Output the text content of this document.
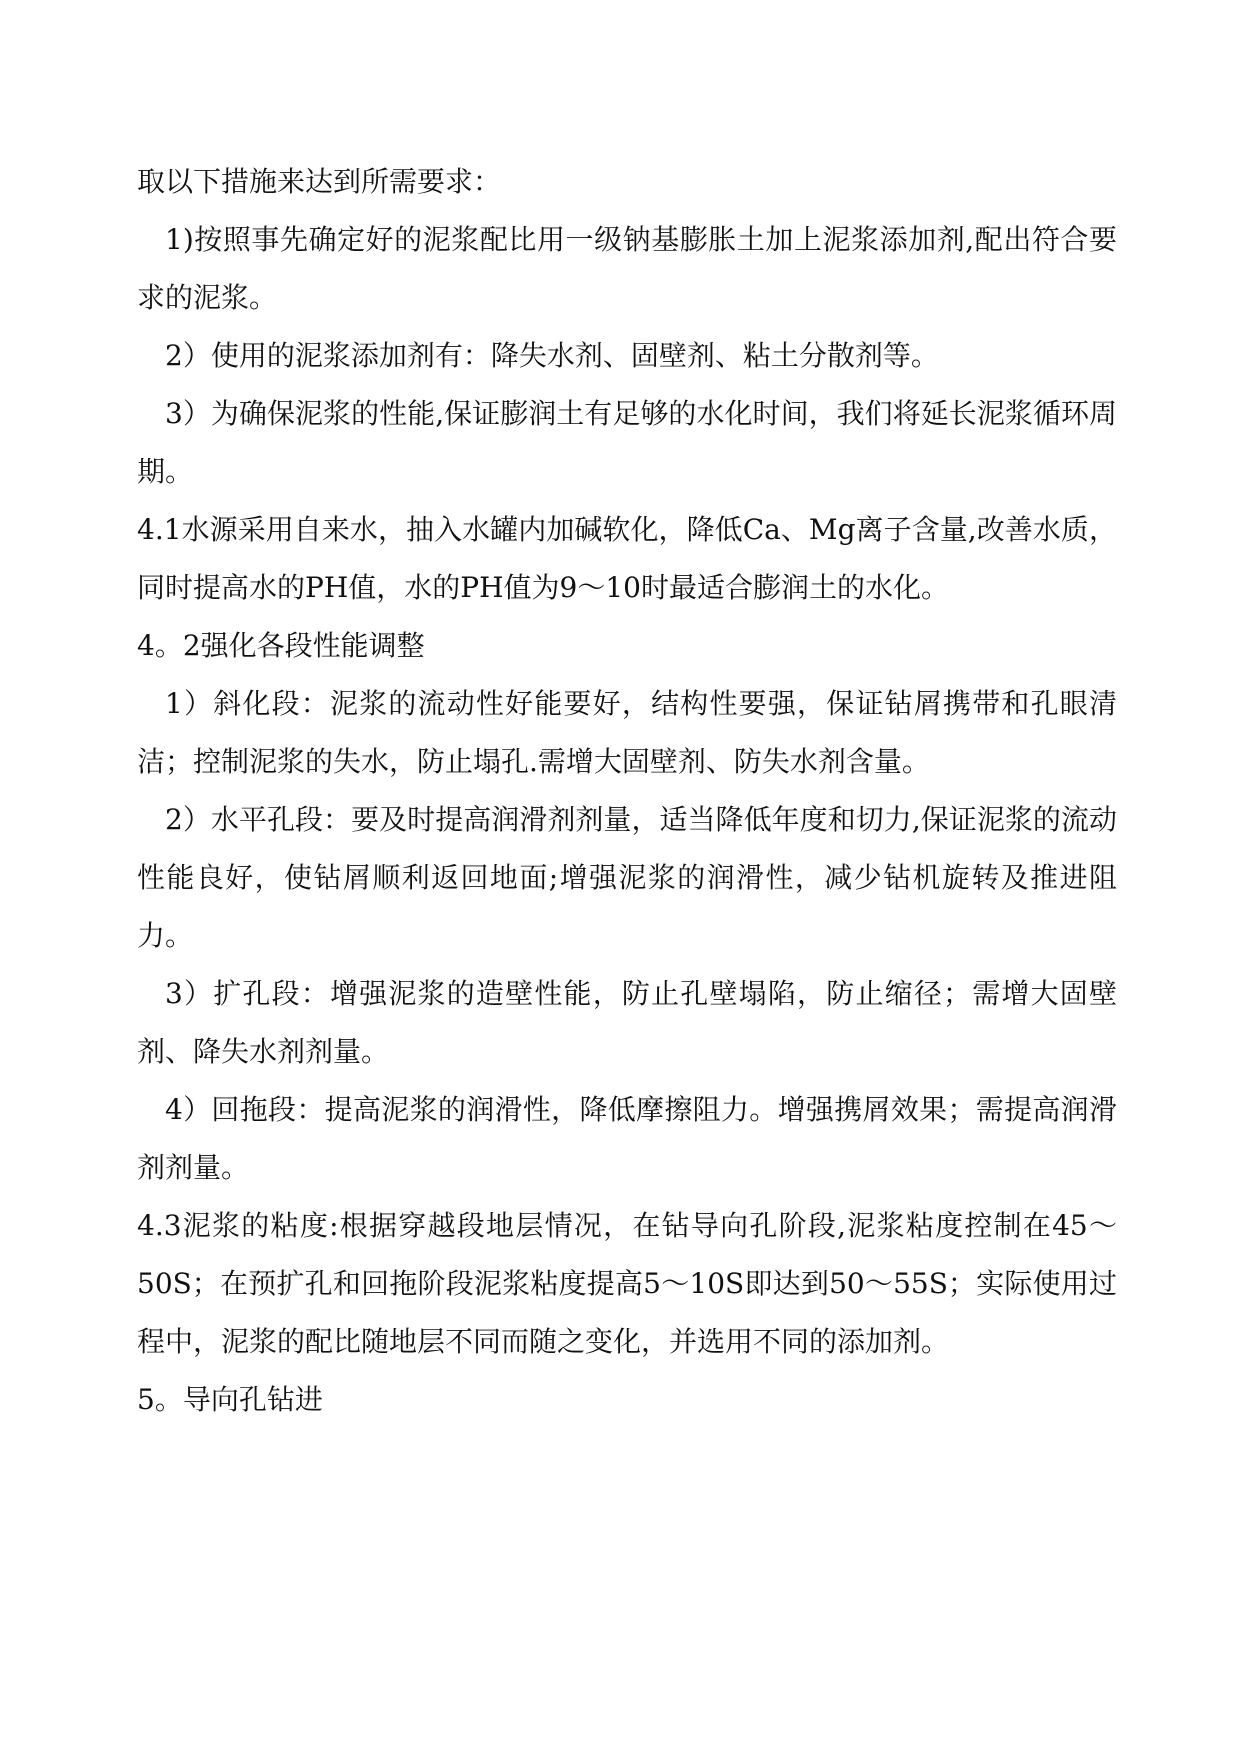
取以下措施来达到所需要求：

1)按照事先确定好的泥浆配比用一级钠基膨胀土加上泥浆添加剂,配出符合要求的泥浆。

2）使用的泥浆添加剂有：降失水剂、固壁剂、粘土分散剂等。

3）为确保泥浆的性能,保证膨润土有足够的水化时间，我们将延长泥浆循环周期。

4.1水源采用自来水，抽入水罐内加碱软化，降低Ca、Mg离子含量,改善水质，同时提高水的PH值，水的PH值为9～10时最适合膨润土的水化。

4。2强化各段性能调整

1）斜化段：泥浆的流动性好能要好，结构性要强，保证钻屑携带和孔眼清洁；控制泥浆的失水，防止塌孔.需增大固壁剂、防失水剂含量。

2）水平孔段：要及时提高润滑剂剂量，适当降低年度和切力,保证泥浆的流动性能良好，使钻屑顺利返回地面;增强泥浆的润滑性，减少钻机旋转及推进阻力。

3）扩孔段：增强泥浆的造壁性能，防止孔壁塌陷，防止缩径；需增大固壁剂、降失水剂剂量。

4）回拖段：提高泥浆的润滑性，降低摩擦阻力。增强携屑效果；需提高润滑剂剂量。

4.3泥浆的粘度:根据穿越段地层情况，在钻导向孔阶段,泥浆粘度控制在45～50S；在预扩孔和回拖阶段泥浆粘度提高5～10S即达到50～55S；实际使用过程中，泥浆的配比随地层不同而随之变化，并选用不同的添加剂。

5。导向孔钻进
